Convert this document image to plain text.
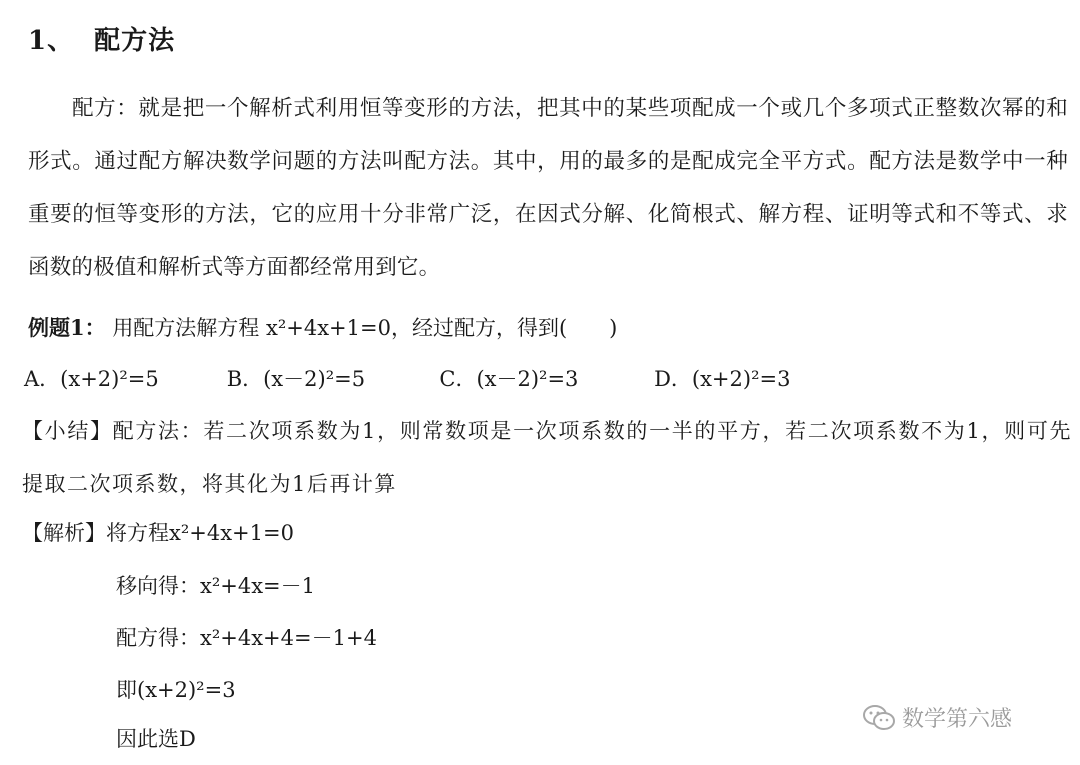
1、 配方法
配方：就是把一个解析式利用恒等变形的方法，把其中的某些项配成一个或几个多项式正整数次幂的和形式。通过配方解决数学问题的方法叫配方法。其中，用的最多的是配成完全平方式。配方法是数学中一种重要的恒等变形的方法，它的应用十分非常广泛，在因式分解、化简根式、解方程、证明等式和不等式、求函数的极值和解析式等方面都经常用到它。
例题1： 用配方法解方程 x²+4x+1=0，经过配方，得到(　　)
A．(x+2)²=5	B．(x－2)²=5	C．(x－2)²=3	D．(x+2)²=3
【小结】配方法：若二次项系数为1，则常数项是一次项系数的一半的平方，若二次项系数不为1，则可先提取二次项系数，将其化为1后再计算
【解析】将方程x²+4x+1=0
移向得：x²+4x=－1
配方得：x²+4x+4=－1+4
即(x+2)²=3
因此选D
数学第六感
